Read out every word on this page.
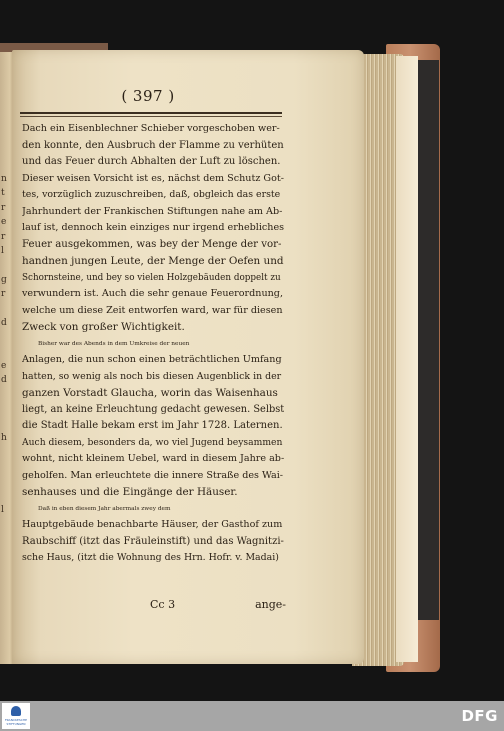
n
t
r
e
r
l
g
r
d
e
d
h
l
( 397 )
Dach ein Eisenblechner Schieber vorgeschoben wer-
den konnte, den Ausbruch der Flamme zu verhüten
und das Feuer durch Abhalten der Luft zu löschen.
Dieser weisen Vorsicht ist es, nächst dem Schutz Got-
tes, vorzüglich zuzuschreiben, daß, obgleich das erste
Jahrhundert der Frankischen Stiftungen nahe am Ab-
lauf ist, dennoch kein einziges nur irgend erhebliches
Feuer ausgekommen, was bey der Menge der vor-
handnen jungen Leute, der Menge der Oefen und
Schornsteine, und bey so vielen Holzgebäuden doppelt zu
verwundern ist. Auch die sehr genaue Feuerordnung,
welche um diese Zeit entworfen ward, war für diesen
Zweck von großer Wichtigkeit.
Bisher war des Abends in dem Umkreise der neuen
Anlagen, die nun schon einen beträchtlichen Umfang
hatten, so wenig als noch bis diesen Augenblick in der
ganzen Vorstadt Glaucha, worin das Waisenhaus
liegt, an keine Erleuchtung gedacht gewesen. Selbst
die Stadt Halle bekam erst im Jahr 1728. Laternen.
Auch diesem, besonders da, wo viel Jugend beysammen
wohnt, nicht kleinem Uebel, ward in diesem Jahre ab-
geholfen. Man erleuchtete die innere Straße des Wai-
senhauses und die Eingänge der Häuser.
Daß in eben diesem Jahr abermals zwey dem
Hauptgebäude benachbarte Häuser, der Gasthof zum
Raubschiff (itzt das Fräuleinstift) und das Wagnitzi-
sche Haus, (itzt die Wohnung des Hrn. Hofr. v. Madai)
Cc 3	ange-
FRANCKESCHE
STIFTUNGEN	DFG
